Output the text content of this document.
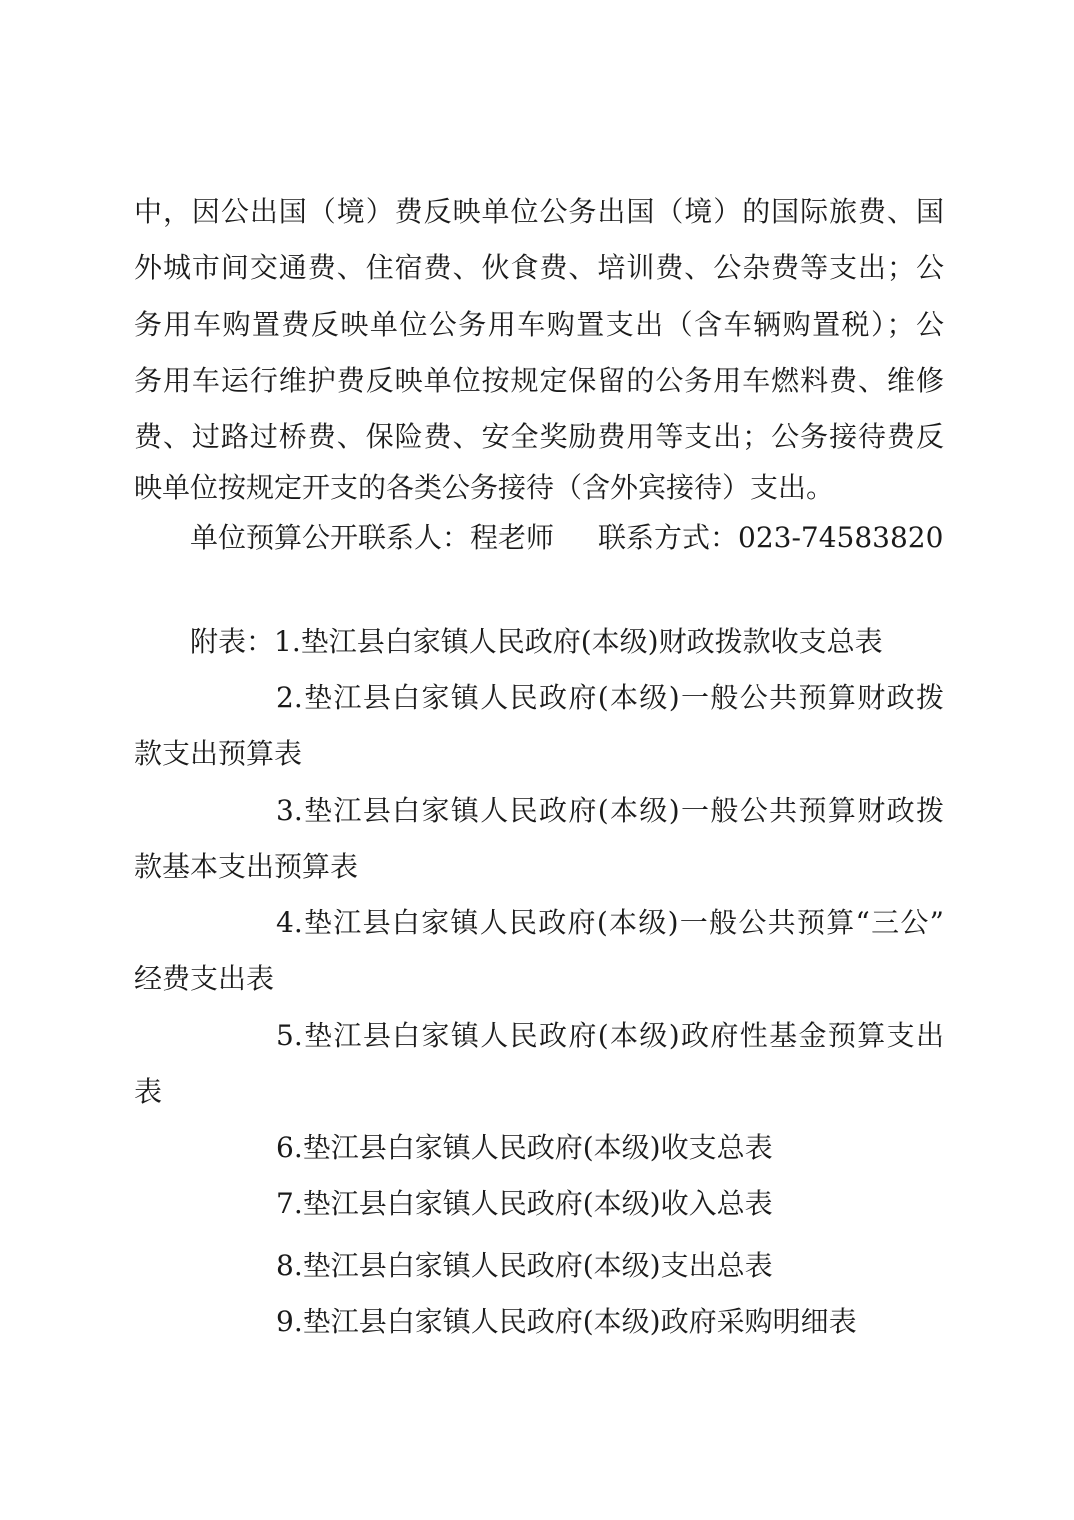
中，因公出国（境）费反映单位公务出国（境）的国际旅费、国
外城市间交通费、住宿费、伙食费、培训费、公杂费等支出；公
务用车购置费反映单位公务用车购置支出（含车辆购置税）；公
务用车运行维护费反映单位按规定保留的公务用车燃料费、维修
费、过路过桥费、保险费、安全奖励费用等支出；公务接待费反
映单位按规定开支的各类公务接待（含外宾接待）支出。
单位预算公开联系人：程老师 联系方式：023-74583820
附表：1.垫江县白家镇人民政府(本级)财政拨款收支总表
2.垫江县白家镇人民政府(本级)一般公共预算财政拨
款支出预算表
3.垫江县白家镇人民政府(本级)一般公共预算财政拨
款基本支出预算表
4.垫江县白家镇人民政府(本级)一般公共预算“三公”
经费支出表
5.垫江县白家镇人民政府(本级)政府性基金预算支出
表
6.垫江县白家镇人民政府(本级)收支总表
7.垫江县白家镇人民政府(本级)收入总表
8.垫江县白家镇人民政府(本级)支出总表
9.垫江县白家镇人民政府(本级)政府采购明细表
